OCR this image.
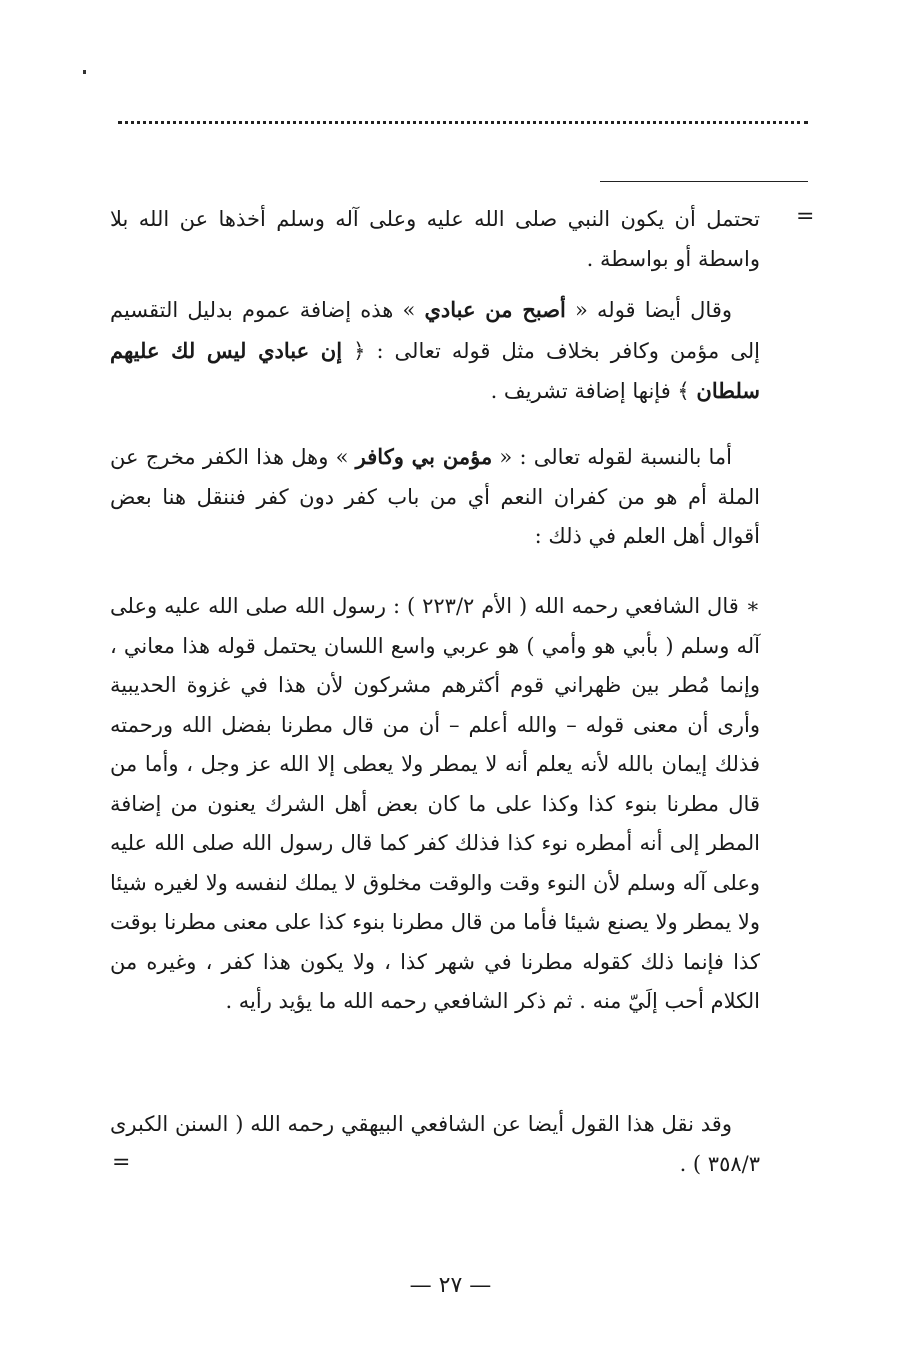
=

تحتمل أن يكون النبي صلى الله عليه وعلى آله وسلم أخذها عن الله بلا واسطة أو بواسطة .

وقال أيضا قوله « أصبح من عبادي » هذه إضافة عموم بدليل التقسيم إلى مؤمن وكافر بخلاف مثل قوله تعالى : ﴿ إن عبادي ليس لك عليهم سلطان ﴾ فإنها إضافة تشريف .

أما بالنسبة لقوله تعالى : « مؤمن بي وكافر » وهل هذا الكفر مخرج عن الملة أم هو من كفران النعم أي من باب كفر دون كفر فننقل هنا بعض أقوال أهل العلم في ذلك :

∗ قال الشافعي رحمه الله ( الأم ٢٢٣/٢ ) : رسول الله صلى الله عليه وعلى آله وسلم ( بأبي هو وأمي ) هو عربي واسع اللسان يحتمل قوله هذا معاني ، وإنما مُطر بين ظهراني قوم أكثرهم مشركون لأن هذا في غزوة الحديبية وأرى أن معنى قوله – والله أعلم – أن من قال مطرنا بفضل الله ورحمته فذلك إيمان بالله لأنه يعلم أنه لا يمطر ولا يعطى إلا الله عز وجل ، وأما من قال مطرنا بنوء كذا وكذا على ما كان بعض أهل الشرك يعنون من إضافة المطر إلى أنه أمطره نوء كذا فذلك كفر كما قال رسول الله صلى الله عليه وعلى آله وسلم لأن النوء وقت والوقت مخلوق لا يملك لنفسه ولا لغيره شيئا ولا يمطر ولا يصنع شيئا فأما من قال مطرنا بنوء كذا على معنى مطرنا بوقت كذا فإنما ذلك كقوله مطرنا في شهر كذا ، ولا يكون هذا كفر ، وغيره من الكلام أحب إلَيّ منه . ثم ذكر الشافعي رحمه الله ما يؤيد رأيه .

وقد نقل هذا القول أيضا عن الشافعي البيهقي رحمه الله ( السنن الكبرى ٣٥٨/٣ ) .

=
— ٢٧ —
